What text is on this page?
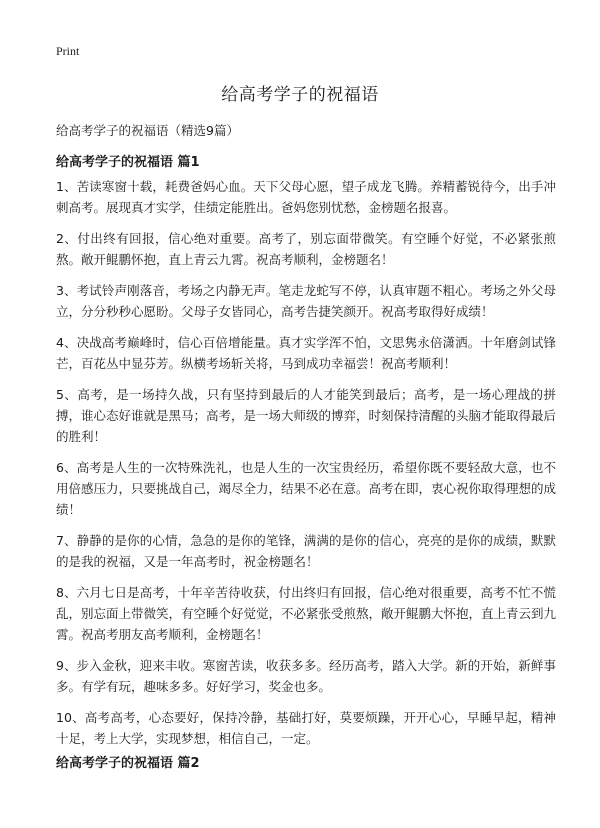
Print
给高考学子的祝福语

给高考学子的祝福语（精选9篇）

给高考学子的祝福语 篇1
1、苦读寒窗十载，耗费爸妈心血。天下父母心愿，望子成龙飞腾。养精蓄锐待今，出手冲刺高考。展现真才实学，佳绩定能胜出。爸妈您别忧愁，金榜题名报喜。
2、付出终有回报，信心绝对重要。高考了，别忘面带微笑。有空睡个好觉，不必紧张煎熬。敞开鲲鹏怀抱，直上青云九霄。祝高考顺利，金榜题名！
3、考试铃声刚落音，考场之内静无声。笔走龙蛇写不停，认真审题不粗心。考场之外父母立，分分秒秒心愿盼。父母子女皆同心，高考告捷笑颜开。祝高考取得好成绩！
4、决战高考巅峰时，信心百倍增能量。真才实学浑不怕，文思隽永倍潇洒。十年磨剑试锋芒，百花丛中显芬芳。纵横考场斩关将，马到成功幸福尝！祝高考顺利！
5、高考，是一场持久战，只有坚持到最后的人才能笑到最后；高考，是一场心理战的拼搏，谁心态好谁就是黑马；高考，是一场大师级的博弈，时刻保持清醒的头脑才能取得最后的胜利！
6、高考是人生的一次特殊洗礼，也是人生的一次宝贵经历，希望你既不要轻敌大意，也不用倍感压力，只要挑战自己，竭尽全力，结果不必在意。高考在即，衷心祝你取得理想的成绩！
7、静静的是你的心情，急急的是你的笔锋，满满的是你的信心，亮亮的是你的成绩，默默的是我的祝福，又是一年高考时，祝金榜题名！
8、六月七日是高考，十年辛苦待收获，付出终归有回报，信心绝对很重要，高考不忙不慌乱，别忘面上带微笑，有空睡个好觉觉，不必紧张受煎熬，敞开鲲鹏大怀抱，直上青云到九霄。祝高考朋友高考顺利，金榜题名！
9、步入金秋，迎来丰收。寒窗苦读，收获多多。经历高考，踏入大学。新的开始，新鲜事多。有学有玩，趣味多多。好好学习，奖金也多。
10、高考高考，心态要好，保持冷静，基础打好，莫要烦躁，开开心心，早睡早起，精神十足，考上大学，实现梦想，相信自己，一定。
给高考学子的祝福语 篇2
